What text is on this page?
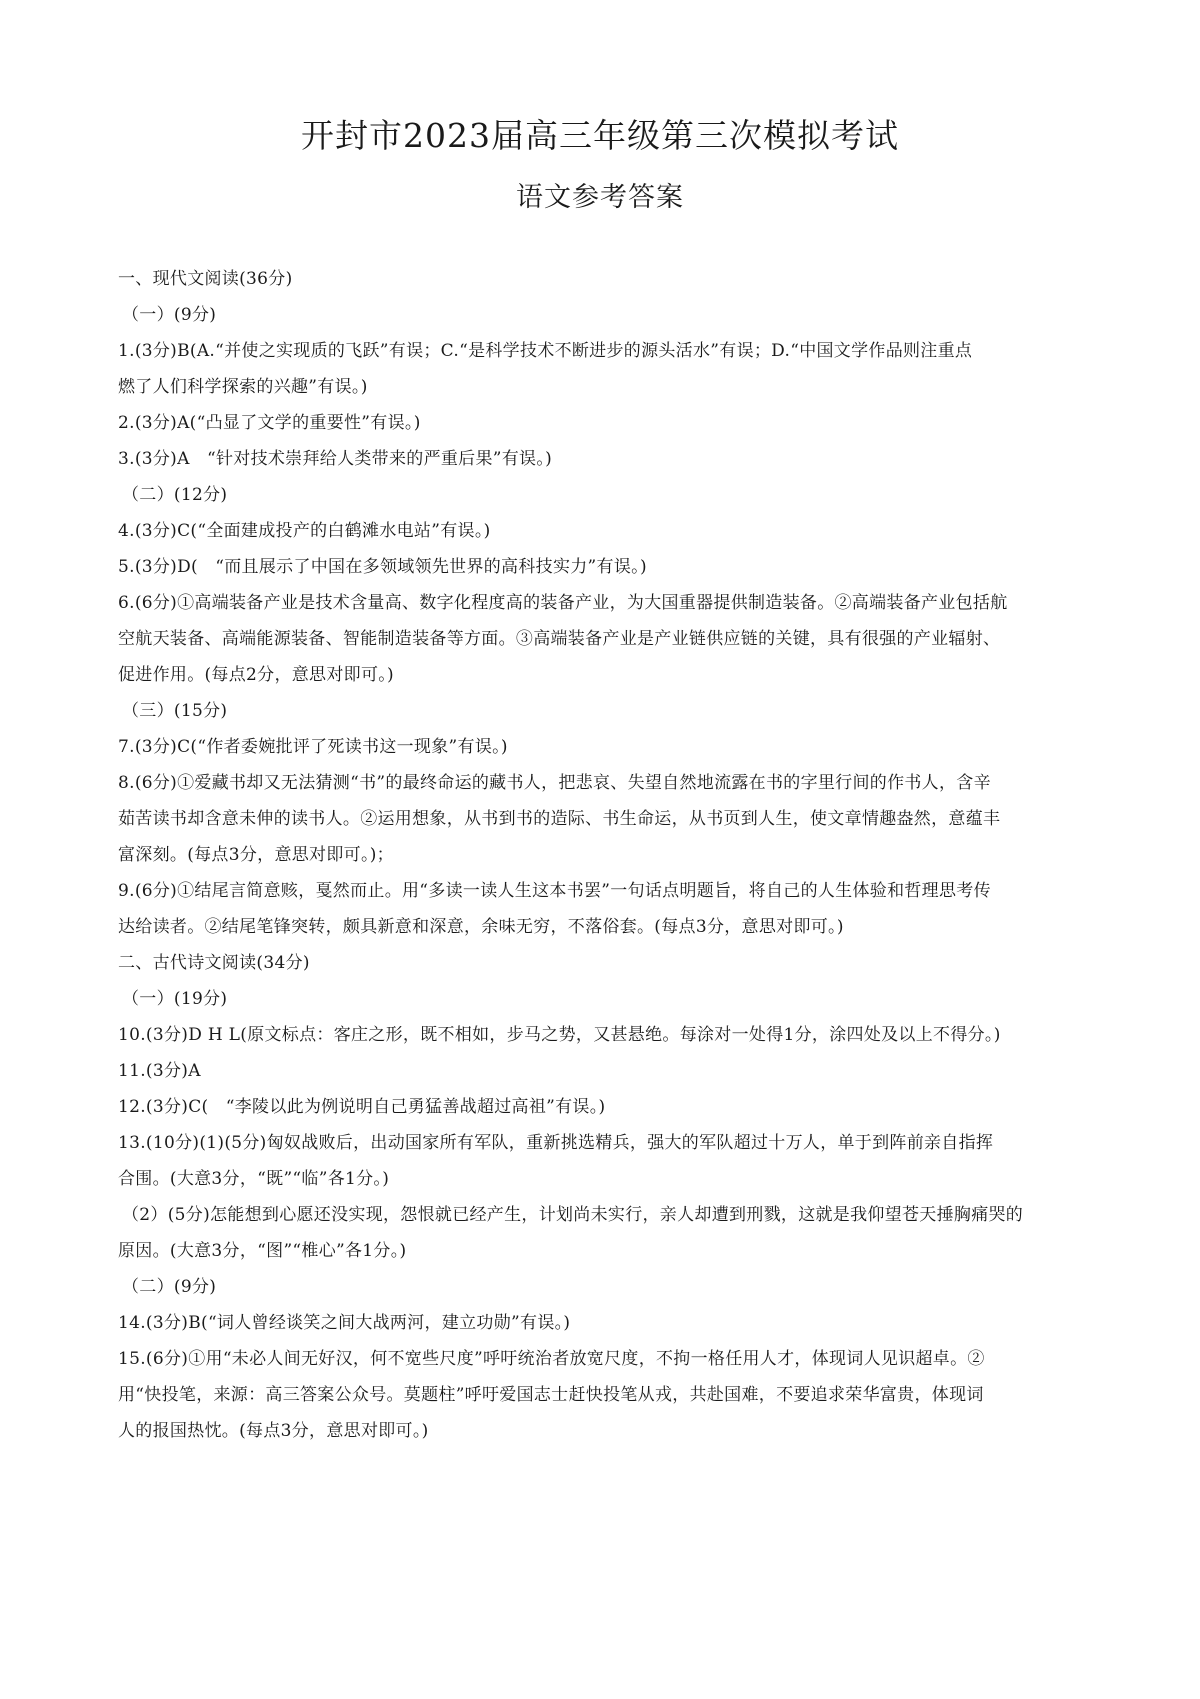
开封市2023届高三年级第三次模拟考试
语文参考答案

一、现代文阅读(36分)

（一）(9分)

1.(3分)B(A.“并使之实现质的飞跃”有误；C.“是科学技术不断进步的源头活水”有误；D.“中国文学作品则注重点

燃了人们科学探索的兴趣”有误。)

2.(3分)A(“凸显了文学的重要性”有误。)

3.(3分)A　“针对技术崇拜给人类带来的严重后果”有误。)

（二）(12分)

4.(3分)C(“全面建成投产的白鹤滩水电站”有误。)

5.(3分)D(　“而且展示了中国在多领域领先世界的高科技实力”有误。)

6.(6分)①高端装备产业是技术含量高、数字化程度高的装备产业，为大国重器提供制造装备。②高端装备产业包括航

空航天装备、高端能源装备、智能制造装备等方面。③高端装备产业是产业链供应链的关键，具有很强的产业辐射、

促进作用。(每点2分，意思对即可。)

（三）(15分)

7.(3分)C(“作者委婉批评了死读书这一现象”有误。)

8.(6分)①爱藏书却又无法猜测“书”的最终命运的藏书人，把悲哀、失望自然地流露在书的字里行间的作书人，含辛

茹苦读书却含意未伸的读书人。②运用想象，从书到书的造际、书生命运，从书页到人生，使文章情趣盎然，意蕴丰

富深刻。(每点3分，意思对即可。)；

9.(6分)①结尾言简意赅，戛然而止。用“多读一读人生这本书罢”一句话点明题旨，将自己的人生体验和哲理思考传

达给读者。②结尾笔锋突转，颇具新意和深意，余味无穷，不落俗套。(每点3分，意思对即可。)

二、古代诗文阅读(34分)

（一）(19分)

10.(3分)D H L(原文标点：客庄之形，既不相如，步马之势，又甚悬绝。每涂对一处得1分，涂四处及以上不得分。)

11.(3分)A

12.(3分)C(　“李陵以此为例说明自己勇猛善战超过高祖”有误。)

13.(10分)(1)(5分)匈奴战败后，出动国家所有军队，重新挑选精兵，强大的军队超过十万人，单于到阵前亲自指挥

合围。(大意3分，“既”“临”各1分。)

（2）(5分)怎能想到心愿还没实现，怨恨就已经产生，计划尚未实行，亲人却遭到刑戮，这就是我仰望苍天捶胸痛哭的

原因。(大意3分，“图”“椎心”各1分。)

（二）(9分)

14.(3分)B(“词人曾经谈笑之间大战两河，建立功勋”有误。)

15.(6分)①用“未必人间无好汉，何不宽些尺度”呼吁统治者放宽尺度，不拘一格任用人才，体现词人见识超卓。②

用“快投笔，来源：高三答案公众号。莫题柱”呼吁爱国志士赶快投笔从戎，共赴国难，不要追求荣华富贵，体现词

人的报国热忱。(每点3分，意思对即可。)
